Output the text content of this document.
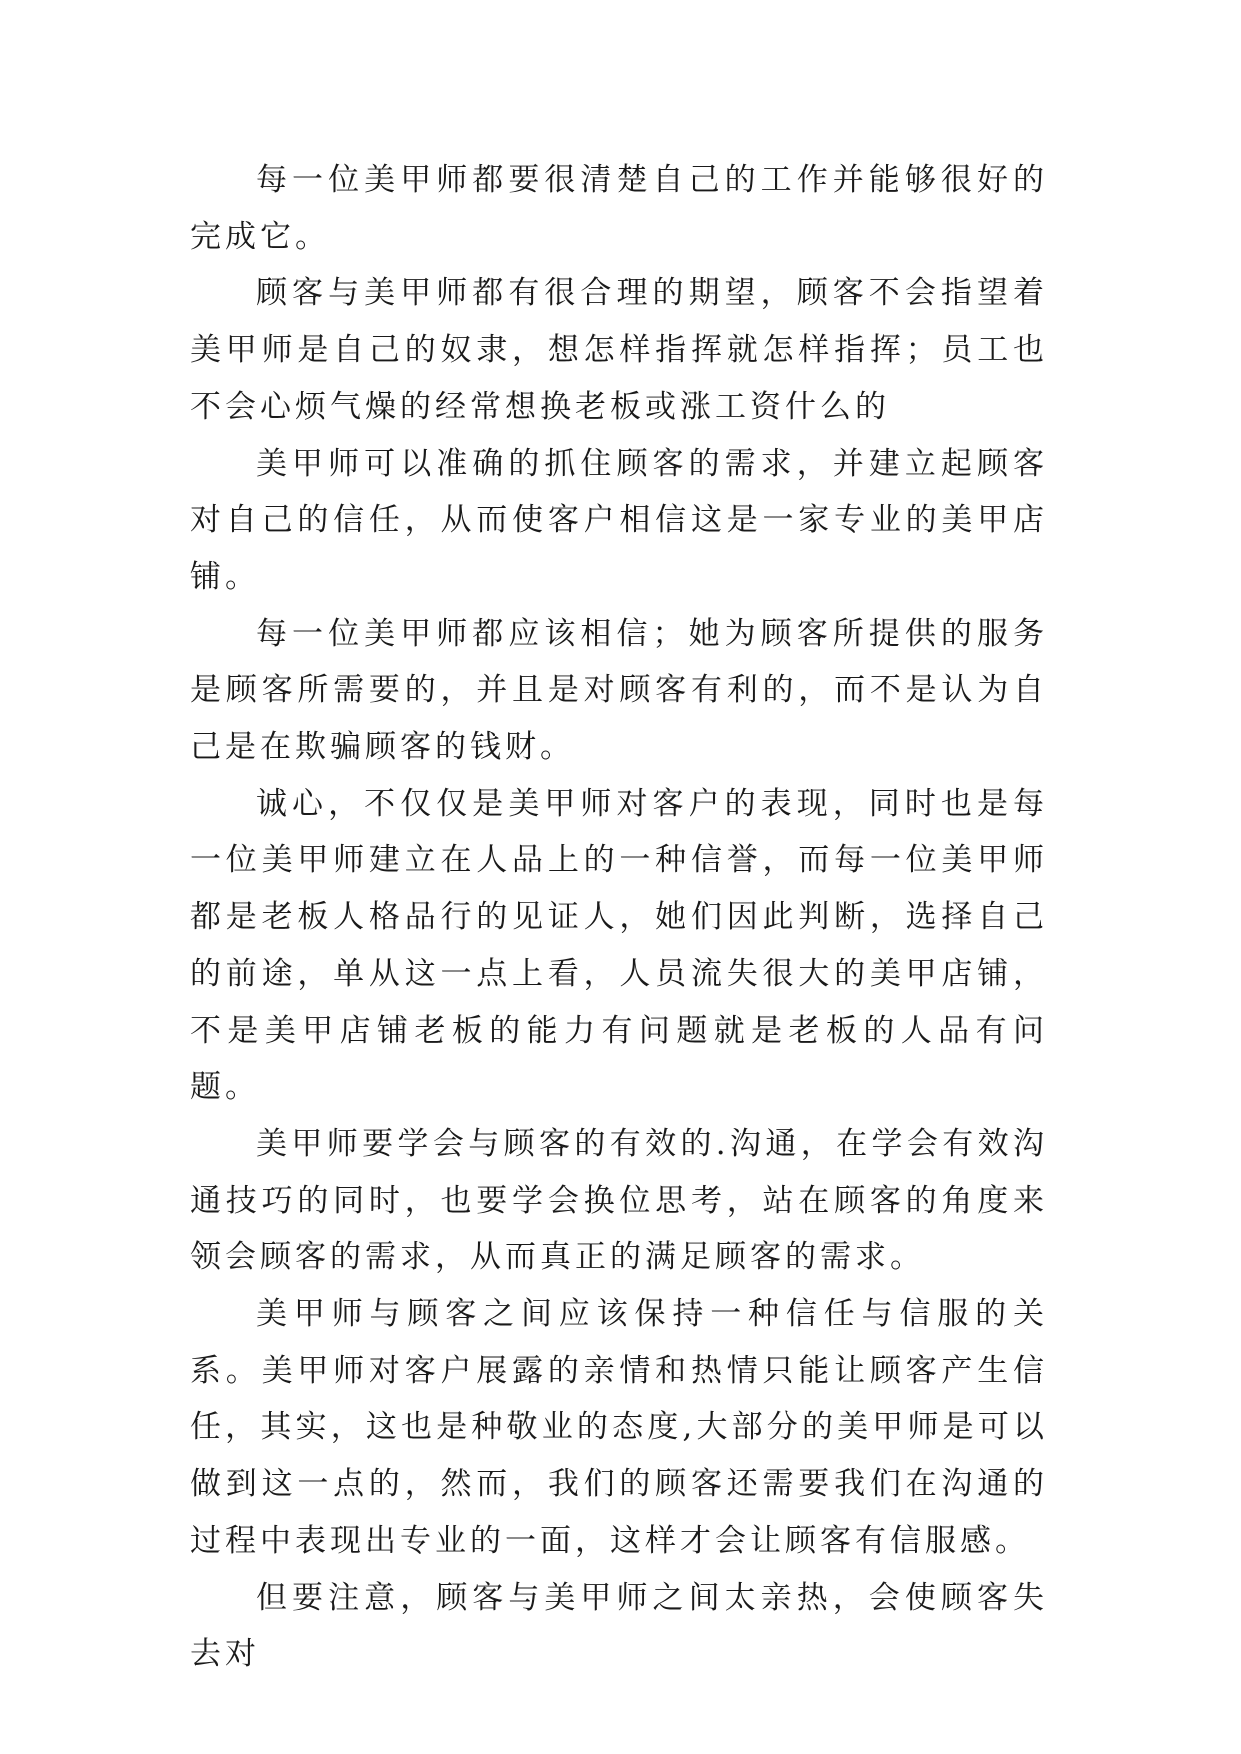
每一位美甲师都要很清楚自己的工作并能够很好的完成它。

顾客与美甲师都有很合理的期望，顾客不会指望着美甲师是自己的奴隶，想怎样指挥就怎样指挥；员工也不会心烦气燥的经常想换老板或涨工资什么的

美甲师可以准确的抓住顾客的需求，并建立起顾客对自己的信任，从而使客户相信这是一家专业的美甲店铺。

每一位美甲师都应该相信；她为顾客所提供的服务是顾客所需要的，并且是对顾客有利的，而不是认为自己是在欺骗顾客的钱财。

诚心，不仅仅是美甲师对客户的表现，同时也是每一位美甲师建立在人品上的一种信誉，而每一位美甲师都是老板人格品行的见证人，她们因此判断，选择自己的前途，单从这一点上看，人员流失很大的美甲店铺，不是美甲店铺老板的能力有问题就是老板的人品有问题。

美甲师要学会与顾客的有效的.沟通，在学会有效沟通技巧的同时，也要学会换位思考，站在顾客的角度来领会顾客的需求，从而真正的满足顾客的需求。

美甲师与顾客之间应该保持一种信任与信服的关系。美甲师对客户展露的亲情和热情只能让顾客产生信任，其实，这也是种敬业的态度,大部分的美甲师是可以做到这一点的，然而，我们的顾客还需要我们在沟通的过程中表现出专业的一面，这样才会让顾客有信服感。

但要注意，顾客与美甲师之间太亲热，会使顾客失去对
